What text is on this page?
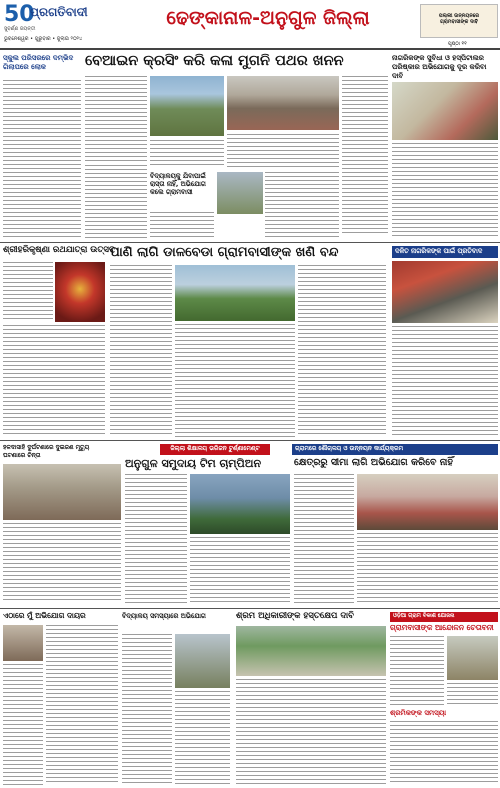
50
ପ୍ରଗତିବାଦୀ
ସୁବର୍ଣ୍ଣ ଜୟନ୍ତୀ
ଭୁବନେଶ୍ୱର • ଗୁରୁବାର • ଜୁଲାଇ ୨୦୨୪
ଢେଙ୍କାନାଳ-ଅନୁଗୁଳ ଜିଲ୍ଲା	ପଲ୍ଲୀ ଉନ୍ନୟନରେ
ଗ୍ରାମବାସୀଙ୍କ ଦାବି
ପୃଷ୍ଠା ୧୧
ସ୍କୁଲ ପରିସରରେ ଦମ୍ଭିଦ ଗିଲାପରେ ଲୋକ	ବେଆଇନ କ୍ରସିଂ କରି କଳା ମୁଗନି ପଥର ଖନନ
ବିଦ୍ୟାଳୟକୁ ଯିବାପାଇଁ ରାସ୍ତା ନାହିଁ, ଅଭିଯୋଗ କଲେ ଗ୍ରାମବାସୀ
ନାଗରିକଙ୍କ ସୁବିଧା ଓ ହସ୍ପିଟାଲର ପରିଷ୍କାର ଅଭିଯୋଗକୁ ଦୂର କରିବା ଦାବି
ଶ୍ରୀହରିକୃଷ୍ଣା ରଥଯାତ୍ରା ଉତ୍ସବ
ପାଣି ଲାଗି ଡାଳବେଡା ଗ୍ରାମବାସୀଙ୍କ ଖଣି ବନ୍ଦ	ଦଳିତ ନାଗରିକଙ୍କ ପାଇଁ ପ୍ରତିବାଦ
ହଳଦାସାହି ଦୁର୍ଘଟଣାରେ ଦୁଇଜଣ ମୃତ୍ୟୁ ଘଟଣାରେ ଚିନ୍ତା
ଜିଲ୍ଲା ଶିକ୍ଷାଳୟ ଭରିଜନ ଟୁର୍ଣ୍ଣାମେଣ୍ଟ
ଅନୁଗୁଳ ସମୁଦାୟ ଟିମ ଚାମ୍ପିଅନ
ଗ୍ରାମରେ ଶୌଚାଳୟ ଓ ଉନ୍ନୟନ କାର୍ଯ୍ୟକ୍ରମ
କ୍ଷେତ୍ରରୁ ସୀମା ଲାଗି ଅଭିଯୋଗ କରିବେ ନାହିଁ
ଏଠାରେ ମୁଁ ଅଭିଯୋଗ ଦାୟର	ବିଦ୍ୟାଳୟ ସମସ୍ୟାରେ ଅଭିଯୋଗ	ଶ୍ରମ ଅଧିକାରୀଙ୍କ ହସ୍ତକ୍ଷେପ ଦାବି	ଓଡ଼ିଆ ଗ୍ରାମ ବିକାଶ ଯୋଜନା
ଗ୍ରାମବାସୀଙ୍କ ଆନ୍ଦୋଳନ ଚେତାବନୀ
ଶ୍ରମିକଙ୍କ ସମସ୍ୟା
